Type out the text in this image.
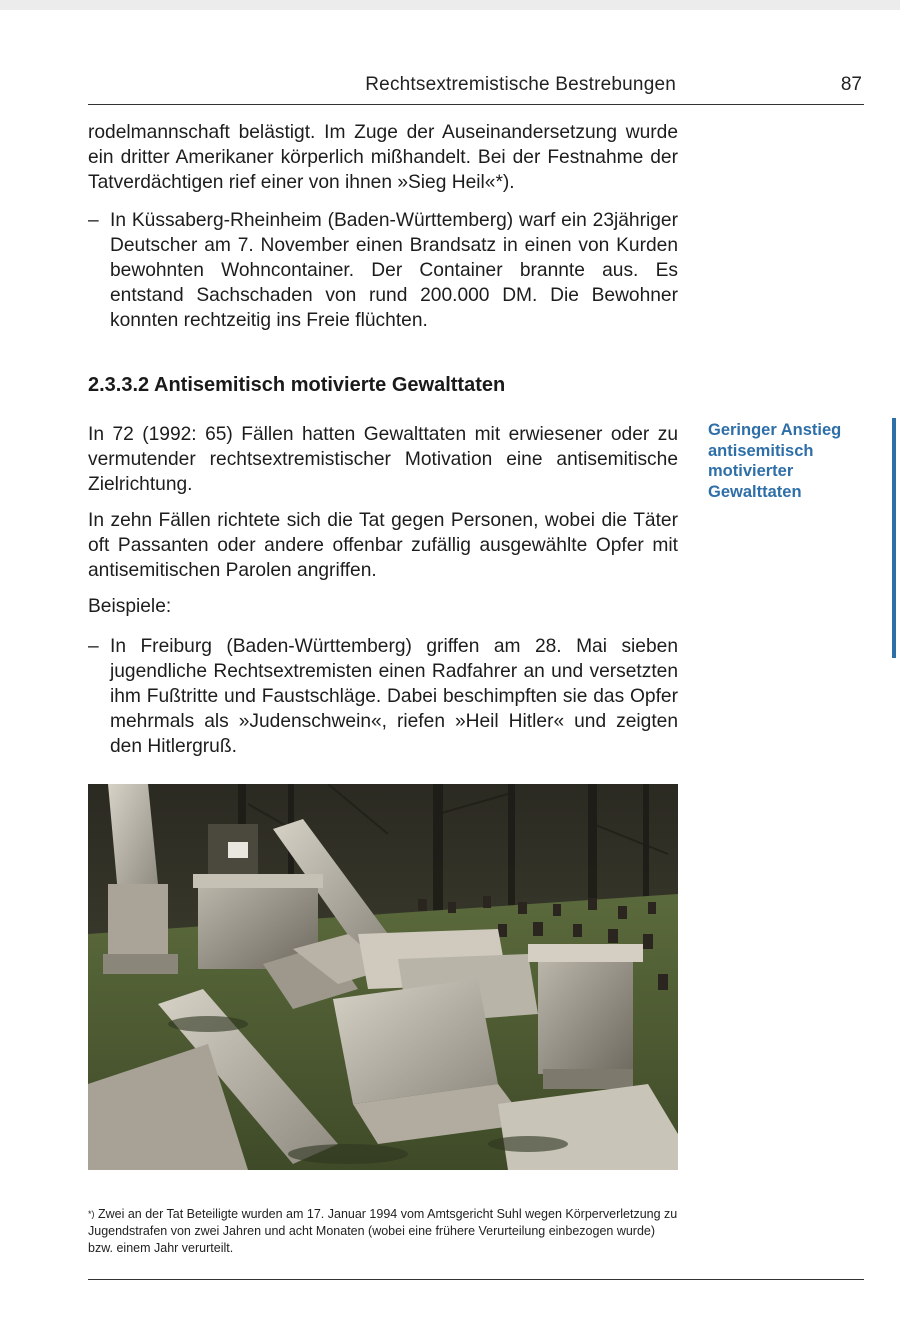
Rechtsextremistische Bestrebungen	87

rodelmannschaft belästigt. Im Zuge der Auseinandersetzung wurde ein dritter Amerikaner körperlich mißhandelt. Bei der Festnahme der Tatverdächtigen rief einer von ihnen »Sieg Heil«*).

– In Küssaberg-Rheinheim (Baden-Württemberg) warf ein 23jähriger Deutscher am 7. November einen Brandsatz in einen von Kurden bewohnten Wohncontainer. Der Container brannte aus. Es entstand Sachschaden von rund 200.000 DM. Die Bewohner konnten rechtzeitig ins Freie flüchten.

2.3.3.2 Antisemitisch motivierte Gewalttaten

In 72 (1992: 65) Fällen hatten Gewalttaten mit erwiesener oder zu vermutender rechtsextremistischer Motivation eine antisemitische Zielrichtung.

In zehn Fällen richtete sich die Tat gegen Personen, wobei die Täter oft Passanten oder andere offenbar zufällig ausgewählte Opfer mit antisemitischen Parolen angriffen.

Beispiele:

– In Freiburg (Baden-Württemberg) griffen am 28. Mai sieben jugendliche Rechtsextremisten einen Radfahrer an und versetzten ihm Fußtritte und Faustschläge. Dabei beschimpften sie das Opfer mehrmals als »Judenschwein«, riefen »Heil Hitler« und zeigten den Hitlergruß.

Geringer Anstieg
antisemitisch
motivierter
Gewalttaten
*) Zwei an der Tat Beteiligte wurden am 17. Januar 1994 vom Amtsgericht Suhl wegen Körperverletzung zu Jugendstrafen von zwei Jahren und acht Monaten (wobei eine frühere Verurteilung einbezogen wurde) bzw. einem Jahr verurteilt.
